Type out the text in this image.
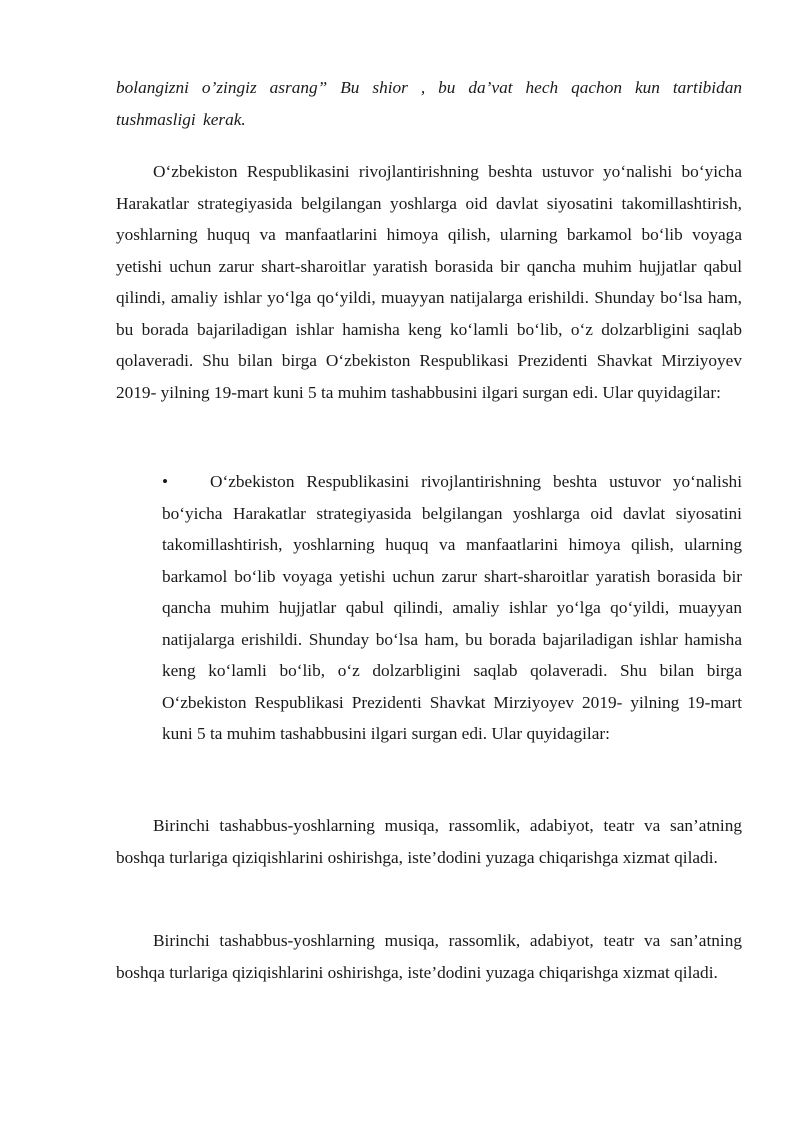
bolangizni o’zingiz asrang” Bu shior , bu da’vat hech qachon kun tartibidan tushmasligi kerak.

O‘zbekiston Respublikasini rivojlantirishning beshta ustuvor yo‘nalishi bo‘yicha Harakatlar strategiyasida belgilangan yoshlarga oid davlat siyosatini takomillashtirish, yoshlarning huquq va manfaatlarini himoya qilish, ularning barkamol bo‘lib voyaga yetishi uchun zarur shart-sharoitlar yaratish borasida bir qancha muhim hujjatlar qabul qilindi, amaliy ishlar yo‘lga qo‘yildi, muayyan natijalarga erishildi. Shunday bo‘lsa ham, bu borada bajariladigan ishlar hamisha keng ko‘lamli bo‘lib, o‘z dolzarbligini saqlab qolaveradi. Shu bilan birga O‘zbekiston Respublikasi Prezidenti Shavkat Mirziyoyev 2019- yilning 19-mart kuni 5 ta muhim tashabbusini ilgari surgan edi. Ular quyidagilar:

• O‘zbekiston Respublikasini rivojlantirishning beshta ustuvor yo‘nalishi bo‘yicha Harakatlar strategiyasida belgilangan yoshlarga oid davlat siyosatini takomillashtirish, yoshlarning huquq va manfaatlarini himoya qilish, ularning barkamol bo‘lib voyaga yetishi uchun zarur shart-sharoitlar yaratish borasida bir qancha muhim hujjatlar qabul qilindi, amaliy ishlar yo‘lga qo‘yildi, muayyan natijalarga erishildi. Shunday bo‘lsa ham, bu borada bajariladigan ishlar hamisha keng ko‘lamli bo‘lib, o‘z dolzarbligini saqlab qolaveradi. Shu bilan birga O‘zbekiston Respublikasi Prezidenti Shavkat Mirziyoyev 2019- yilning 19-mart kuni 5 ta muhim tashabbusini ilgari surgan edi. Ular quyidagilar:

Birinchi tashabbus-yoshlarning musiqa, rassomlik, adabiyot, teatr va san’atning boshqa turlariga qiziqishlarini oshirishga, iste’dodini yuzaga chiqarishga xizmat qiladi.

Birinchi tashabbus-yoshlarning musiqa, rassomlik, adabiyot, teatr va san’atning boshqa turlariga qiziqishlarini oshirishga, iste’dodini yuzaga chiqarishga xizmat qiladi.
